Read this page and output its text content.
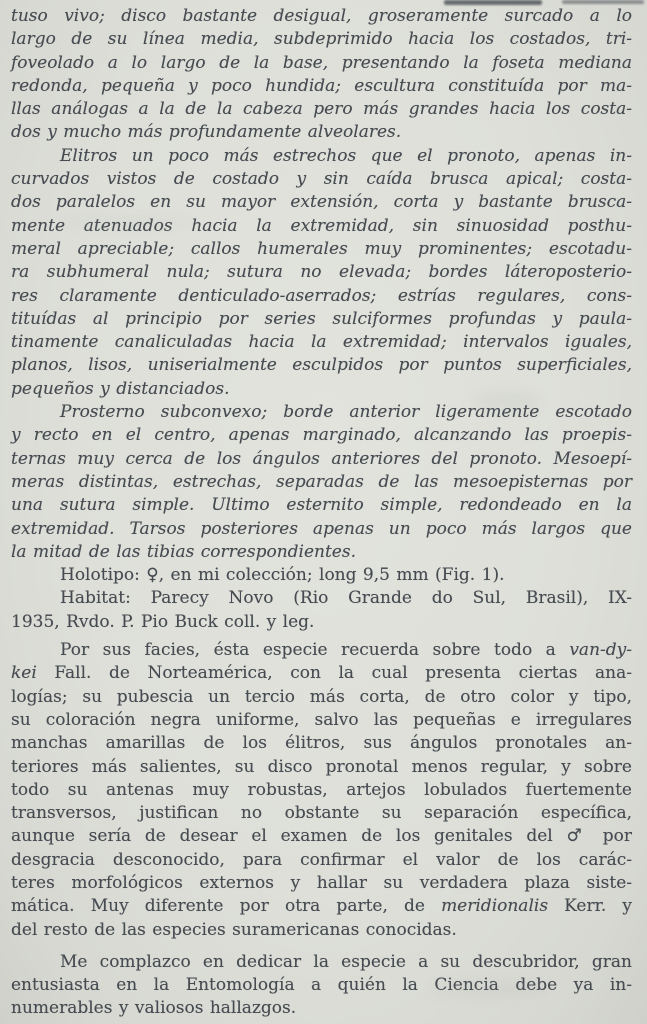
tuso vivo; disco bastante desigual, groseramente surcado a lo
largo de su línea media, subdeprimido hacia los costados, tri-
foveolado a lo largo de la base, presentando la foseta mediana
redonda, pequeña y poco hundida; escultura constituída por ma-
llas análogas a la de la cabeza pero más grandes hacia los costa-
dos y mucho más profundamente alveolares.

Elitros un poco más estrechos que el pronoto, apenas in-
curvados vistos de costado y sin caída brusca apical; costa-
dos paralelos en su mayor extensión, corta y bastante brusca-
mente atenuados hacia la extremidad, sin sinuosidad posthu-
meral apreciable; callos humerales muy prominentes; escotadu-
ra subhumeral nula; sutura no elevada; bordes láteroposterio-
res claramente denticulado-aserrados; estrías regulares, cons-
tituídas al principio por series sulciformes profundas y paula-
tinamente canaliculadas hacia la extremidad; intervalos iguales,
planos, lisos, uniserialmente esculpidos por puntos superficiales,
pequeños y distanciados.

Prosterno subconvexo; borde anterior ligeramente escotado
y recto en el centro, apenas marginado, alcanzando las proepis-
ternas muy cerca de los ángulos anteriores del pronoto. Mesoepí-
meras distintas, estrechas, separadas de las mesoepisternas por
una sutura simple. Ultimo esternito simple, redondeado en la
extremidad. Tarsos posteriores apenas un poco más largos que
la mitad de las tibias correspondientes.

Holotipo: ♀, en mi colección; long 9,5 mm (Fig. 1).

Habitat: Parecy Novo (Rio Grande do Sul, Brasil), IX-
1935, Rvdo. P. Pio Buck coll. y leg.

Por sus facies, ésta especie recuerda sobre todo a van-dy-
kei Fall. de Norteamérica, con la cual presenta ciertas ana-
logías; su pubescia un tercio más corta, de otro color y tipo,
su coloración negra uniforme, salvo las pequeñas e irregulares
manchas amarillas de los élitros, sus ángulos pronotales an-
teriores más salientes, su disco pronotal menos regular, y sobre
todo su antenas muy robustas, artejos lobulados fuertemente
transversos, justifican no obstante su separación específica,
aunque sería de desear el examen de los genitales del ♂ por
desgracia desconocido, para confirmar el valor de los carác-
teres morfológicos externos y hallar su verdadera plaza siste-
mática. Muy diferente por otra parte, de meridionalis Kerr. y
del resto de las especies suramericanas conocidas.

Me complazco en dedicar la especie a su descubridor, gran
entusiasta en la Entomología a quién la Ciencia debe ya in-
numerables y valiosos hallazgos.
